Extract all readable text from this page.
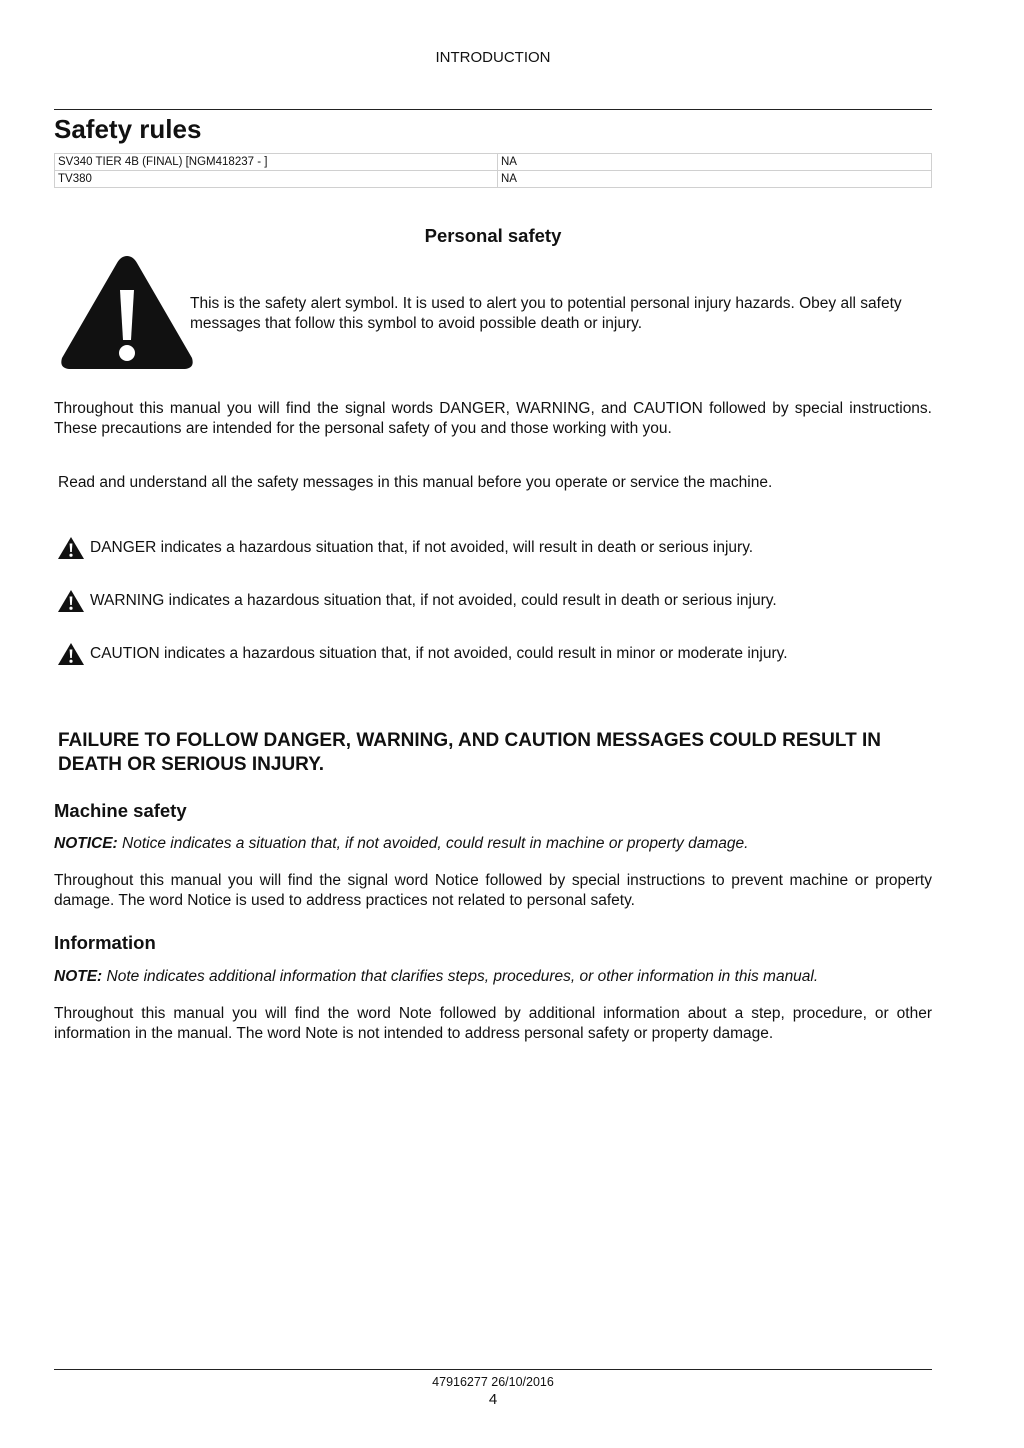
INTRODUCTION
Safety rules
SV340 TIER 4B (FINAL) [NGM418237 - ]	NA
TV380	NA
Personal safety
This is the safety alert symbol. It is used to alert you to potential personal injury hazards. Obey all safety messages that follow this symbol to avoid possible death or injury.
Throughout this manual you will find the signal words DANGER, WARNING, and CAUTION followed by special instructions. These precautions are intended for the personal safety of you and those working with you.
Read and understand all the safety messages in this manual before you operate or service the machine.
DANGER indicates a hazardous situation that, if not avoided, will result in death or serious injury.
WARNING indicates a hazardous situation that, if not avoided, could result in death or serious injury.
CAUTION indicates a hazardous situation that, if not avoided, could result in minor or moderate injury.
FAILURE TO FOLLOW DANGER, WARNING, AND CAUTION MESSAGES COULD RESULT IN DEATH OR SERIOUS INJURY.
Machine safety
NOTICE: Notice indicates a situation that, if not avoided, could result in machine or property damage.
Throughout this manual you will find the signal word Notice followed by special instructions to prevent machine or property damage. The word Notice is used to address practices not related to personal safety.
Information
NOTE: Note indicates additional information that clarifies steps, procedures, or other information in this manual.
Throughout this manual you will find the word Note followed by additional information about a step, procedure, or other information in the manual. The word Note is not intended to address personal safety or property damage.
47916277 26/10/2016
4
